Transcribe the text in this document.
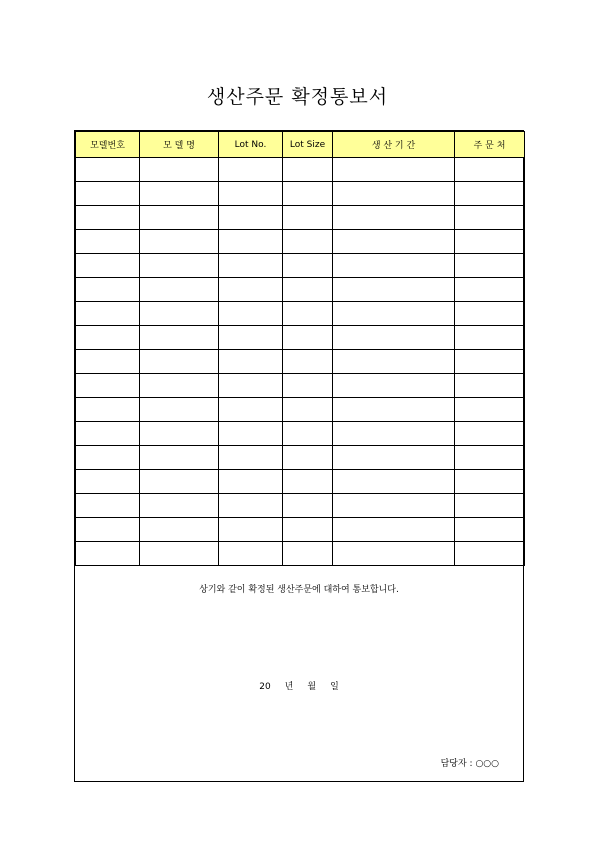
생산주문 확정통보서
모델번호	모 델 명	Lot No.	Lot Size	생 산 기 간	주 문 처

상기와 같이 확정된 생산주문에 대하여 통보합니다.
20 년 월 일
담당자 : ○○○
